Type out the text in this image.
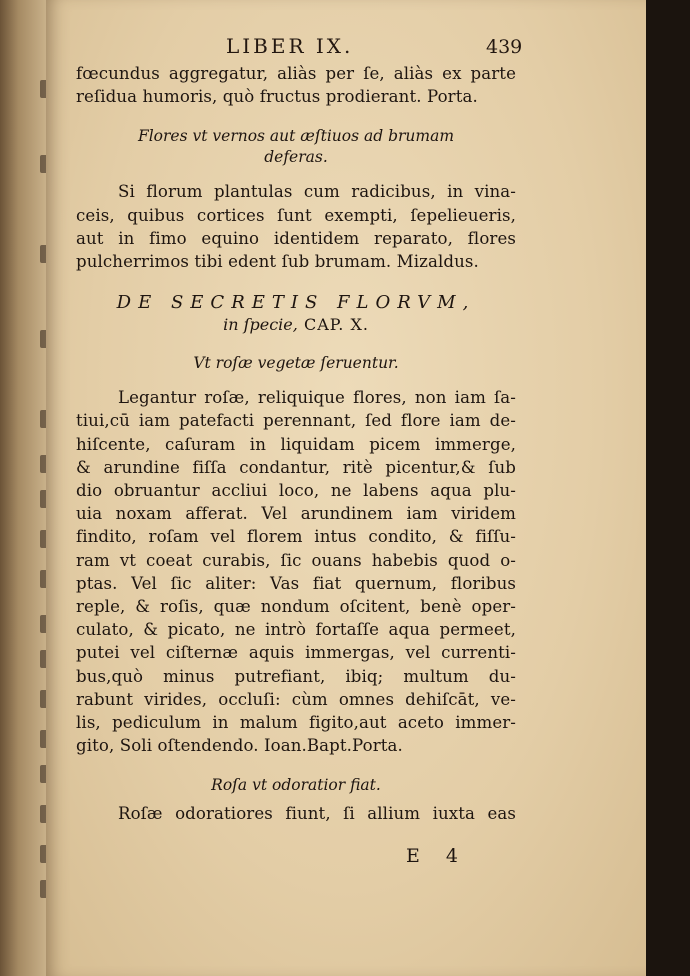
LIBER IX.	439
fœcundus aggregatur, aliàs per ſe, aliàs ex parte
reſidua humoris, quò fructus prodierant. Porta.
Flores vt vernos aut æſtiuos ad brumam
deferas.
Si florum plantulas cum radicibus, in vina-
ceis, quibus cortices ſunt exempti, ſepelieueris,
aut in fimo equino identidem reparato, flores
pulcherrimos tibi edent ſub brumam. Mizaldus.
DE SECRETIS FLORVM,
in ſpecie, CAP. X.
Vt roſæ vegetæ ſeruentur.
Legantur roſæ, reliquique flores, non iam ſa-
tiui,cū iam patefacti perennant, ſed flore iam de-
hiſcente, caſuram in liquidam picem immerge,
& arundine fiſſa condantur, ritè picentur,& ſub
dio obruantur accliui loco, ne labens aqua plu-
uia noxam afferat. Vel arundinem iam viridem
findito, roſam vel florem intus condito, & fiſſu-
ram vt coeat curabis, ſic ouans habebis quod o-
ptas. Vel ſic aliter: Vas fiat quernum, floribus
reple, & roſis, quæ nondum oſcitent, benè oper-
culato, & picato, ne intrò fortaſſe aqua permeet,
putei vel ciſternæ aquis immergas, vel currenti-
bus,quò minus putrefiant, ibiq; multum du-
rabunt virides, occluſi: cùm omnes dehiſcāt, ve-
lis, pediculum in malum figito,aut aceto immer-
gito, Soli oſtendendo. Ioan.Bapt.Porta.
Roſa vt odoratior fiat.
Roſæ odoratiores fiunt, ſi allium iuxta eas
E 4
